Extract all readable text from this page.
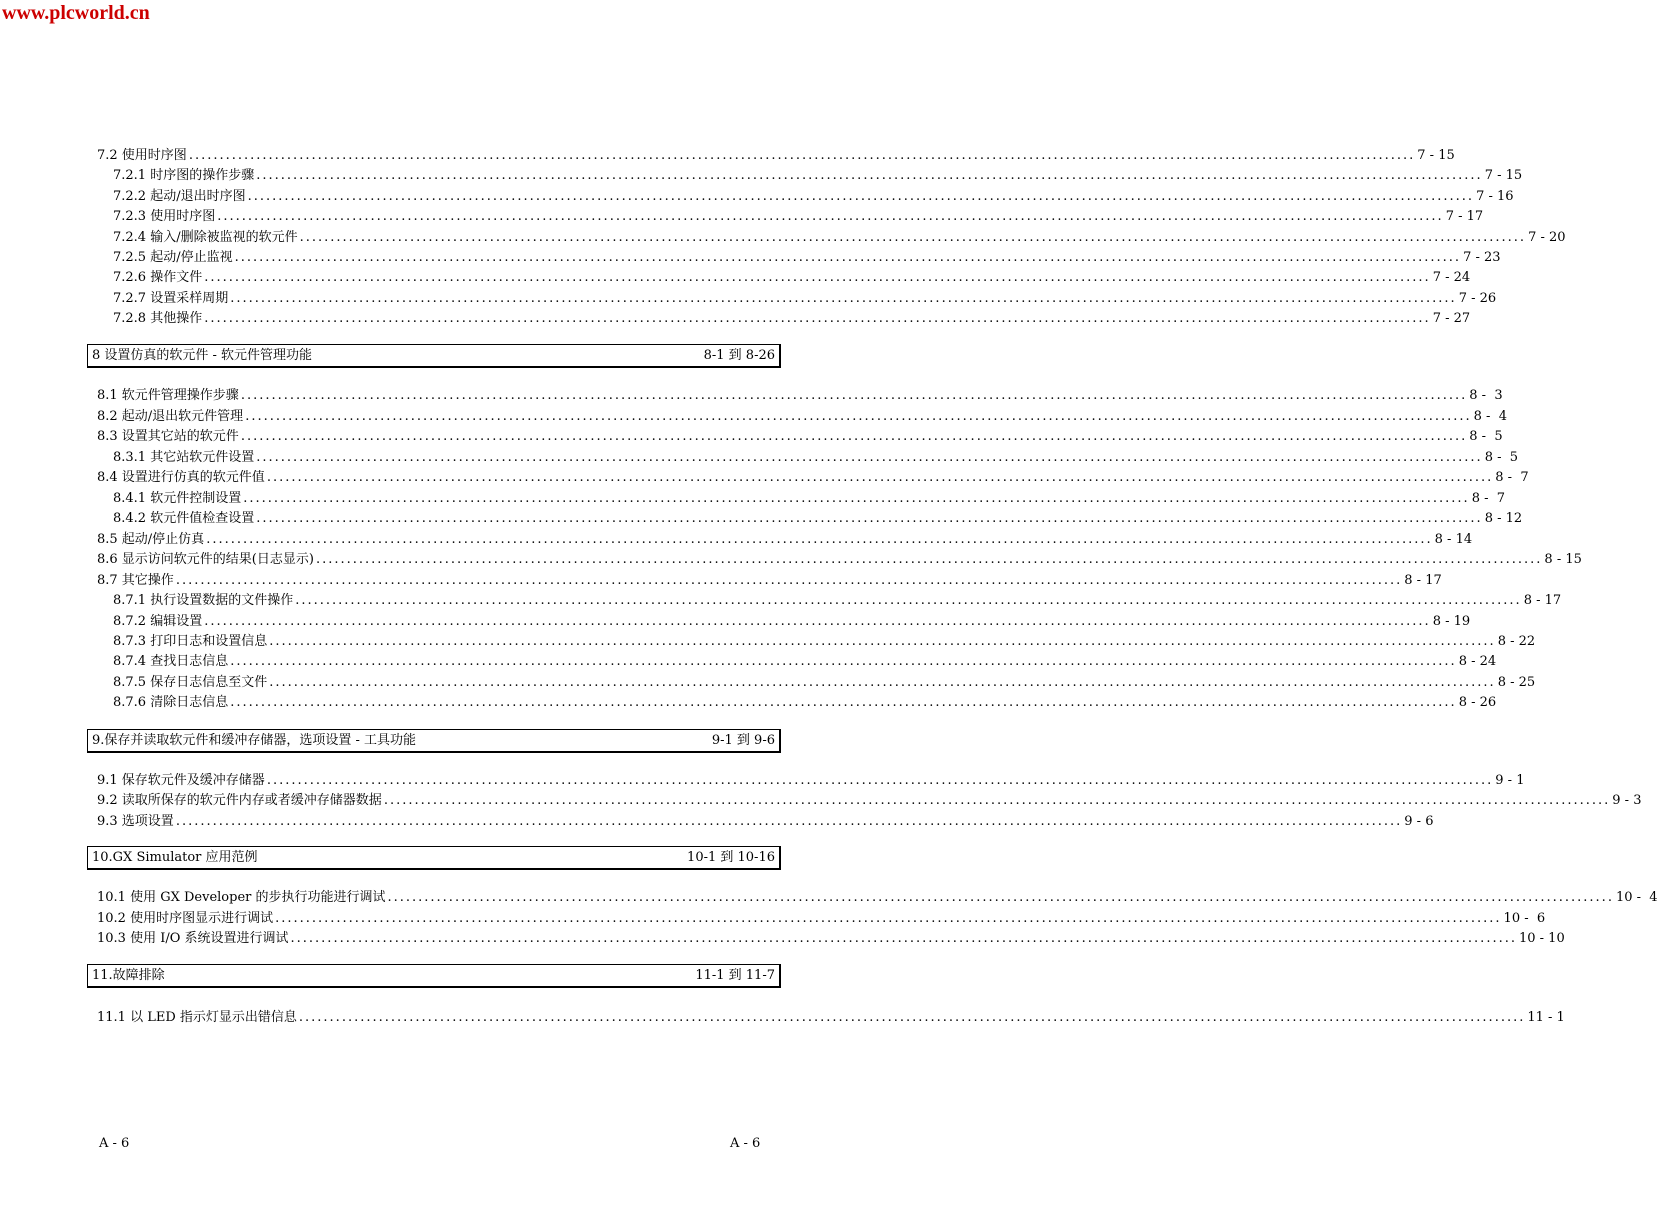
www.plcworld.cn
7.2 使用时序图 ........................................................................................................................................................................................................ 7 - 15
7.2.1 时序图的操作步骤 ........................................................................................................................................................................................................ 7 - 15
7.2.2 起动/退出时序图 ........................................................................................................................................................................................................ 7 - 16
7.2.3 使用时序图 ........................................................................................................................................................................................................ 7 - 17
7.2.4 输入/删除被监视的软元件 ........................................................................................................................................................................................................ 7 - 20
7.2.5 起动/停止监视 ........................................................................................................................................................................................................ 7 - 23
7.2.6 操作文件 ........................................................................................................................................................................................................ 7 - 24
7.2.7 设置采样周期 ........................................................................................................................................................................................................ 7 - 26
7.2.8 其他操作 ........................................................................................................................................................................................................ 7 - 27
8 设置仿真的软元件 - 软元件管理功能	8-1 到 8-26
8.1 软元件管理操作步骤 ........................................................................................................................................................................................................ 8 -  3
8.2 起动/退出软元件管理 ........................................................................................................................................................................................................ 8 -  4
8.3 设置其它站的软元件 ........................................................................................................................................................................................................ 8 -  5
8.3.1 其它站软元件设置 ........................................................................................................................................................................................................ 8 -  5
8.4 设置进行仿真的软元件值 ........................................................................................................................................................................................................ 8 -  7
8.4.1 软元件控制设置 ........................................................................................................................................................................................................ 8 -  7
8.4.2 软元件值检查设置 ........................................................................................................................................................................................................ 8 - 12
8.5 起动/停止仿真 ........................................................................................................................................................................................................ 8 - 14
8.6 显示访问软元件的结果(日志显示) ........................................................................................................................................................................................................ 8 - 15
8.7 其它操作 ........................................................................................................................................................................................................ 8 - 17
8.7.1 执行设置数据的文件操作 ........................................................................................................................................................................................................ 8 - 17
8.7.2 编辑设置 ........................................................................................................................................................................................................ 8 - 19
8.7.3 打印日志和设置信息 ........................................................................................................................................................................................................ 8 - 22
8.7.4 查找日志信息 ........................................................................................................................................................................................................ 8 - 24
8.7.5 保存日志信息至文件 ........................................................................................................................................................................................................ 8 - 25
8.7.6 清除日志信息 ........................................................................................................................................................................................................ 8 - 26
9.保存并读取软元件和缓冲存储器，选项设置 - 工具功能	9-1 到 9-6
9.1 保存软元件及缓冲存储器 ........................................................................................................................................................................................................ 9 - 1
9.2 读取所保存的软元件内存或者缓冲存储器数据 ........................................................................................................................................................................................................ 9 - 3
9.3 选项设置 ........................................................................................................................................................................................................ 9 - 6
10.GX Simulator 应用范例	10-1 到 10-16
10.1 使用 GX Developer 的步执行功能进行调试 ........................................................................................................................................................................................................ 10 -  4
10.2 使用时序图显示进行调试 ........................................................................................................................................................................................................ 10 -  6
10.3 使用 I/O 系统设置进行调试 ........................................................................................................................................................................................................ 10 - 10
11.故障排除	11-1 到 11-7
11.1 以 LED 指示灯显示出错信息 ........................................................................................................................................................................................................ 11 - 1
A - 6	A - 6
